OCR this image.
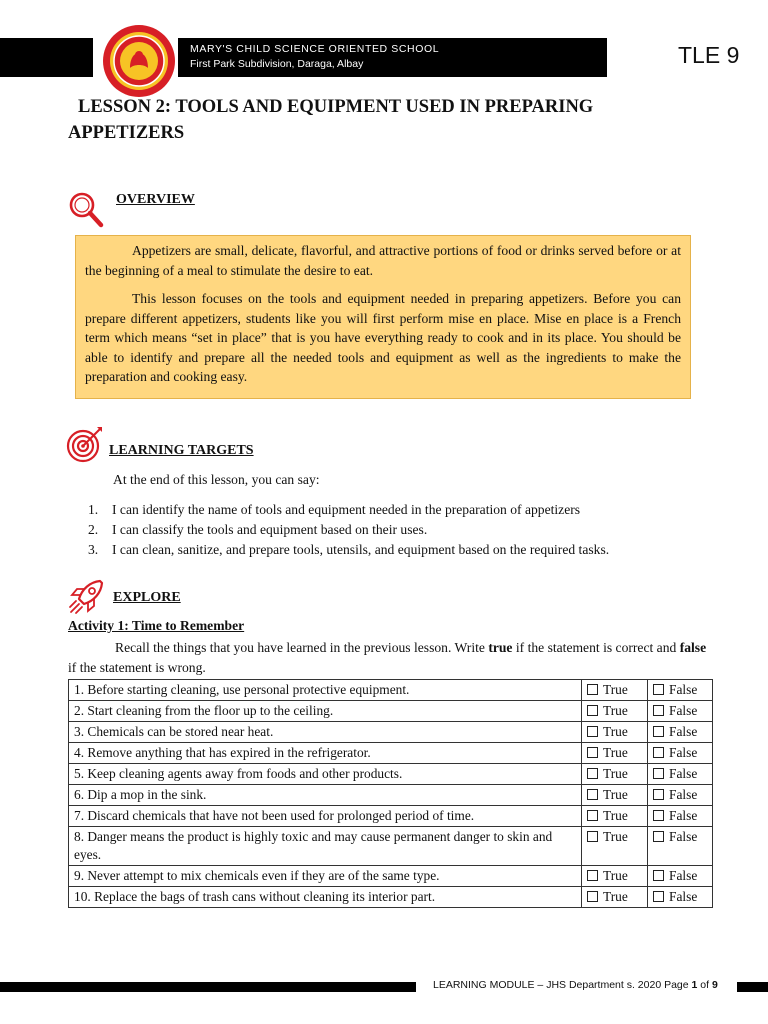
MARY'S CHILD SCIENCE ORIENTED SCHOOL
First Park Subdivision, Daraga, Albay	TLE 9
LESSON 2: TOOLS AND EQUIPMENT USED IN PREPARING
APPETIZERS
OVERVIEW

Appetizers are small, delicate, flavorful, and attractive portions of food or drinks served before or at the beginning of a meal to stimulate the desire to eat.

This lesson focuses on the tools and equipment needed in preparing appetizers. Before you can prepare different appetizers, students like you will first perform mise en place. Mise en place is a French term which means “set in place” that is you have everything ready to cook and in its place. You should be able to identify and prepare all the needed tools and equipment as well as the ingredients to make the preparation and cooking easy.

LEARNING TARGETS
At the end of this lesson, you can say:
1. I can identify the name of tools and equipment needed in the preparation of appetizers
2. I can classify the tools and equipment based on their uses.
3. I can clean, sanitize, and prepare tools, utensils, and equipment based on the required tasks.
EXPLORE
Activity 1: Time to Remember
Recall the things that you have learned in the previous lesson. Write true if the statement is correct and false if the statement is wrong.
1. Before starting cleaning, use personal protective equipment.	True	False
2. Start cleaning from the floor up to the ceiling.	True	False
3. Chemicals can be stored near heat.	True	False
4. Remove anything that has expired in the refrigerator.	True	False
5. Keep cleaning agents away from foods and other products.	True	False
6. Dip a mop in the sink.	True	False
7. Discard chemicals that have not been used for prolonged period of time.	True	False
8. Danger means the product is highly toxic and may cause permanent danger to skin and eyes.	True	False
9. Never attempt to mix chemicals even if they are of the same type.	True	False
10. Replace the bags of trash cans without cleaning its interior part.	True	False
LEARNING MODULE – JHS Department s. 2020 Page 1 of 9
